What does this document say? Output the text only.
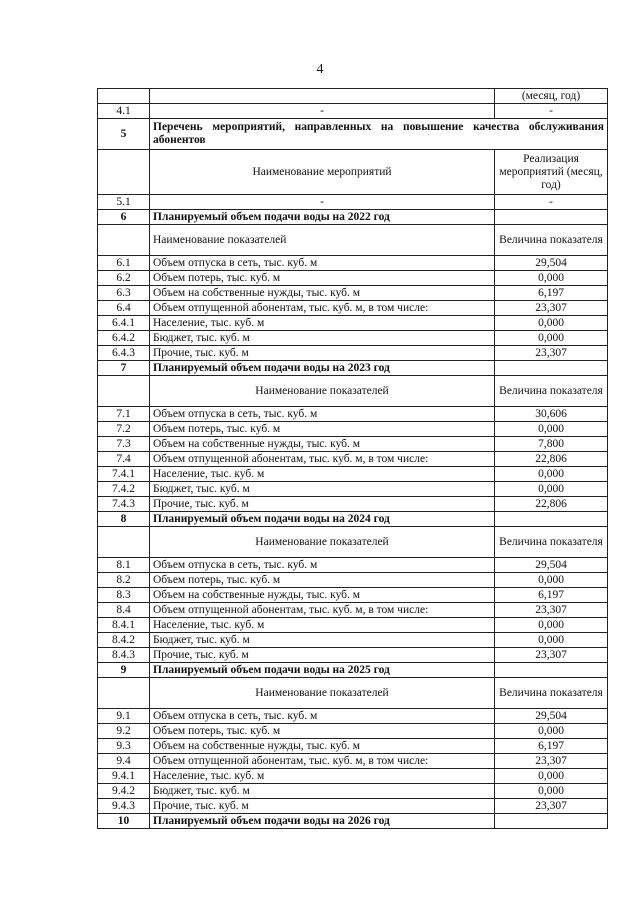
4
		(месяц, год)
4.1	-	-
5	Перечень мероприятий, направленных на повышение качества обслуживания абонентов	
	Наименование мероприятий	Реализация мероприятий (месяц, год)
5.1	-	-
6	Планируемый объем подачи воды на 2022 год	
	Наименование показателей	Величина показателя
6.1	Объем отпуска в сеть, тыс. куб. м	29,504
6.2	Объем потерь, тыс. куб. м	0,000
6.3	Объем на собственные нужды, тыс. куб. м	6,197
6.4	Объем отпущенной абонентам, тыс. куб. м, в том числе:	23,307
6.4.1	Население, тыс. куб. м	0,000
6.4.2	Бюджет, тыс. куб. м	0,000
6.4.3	Прочие, тыс. куб. м	23,307
7	Планируемый объем подачи воды на 2023 год	
	Наименование показателей	Величина показателя
7.1	Объем отпуска в сеть, тыс. куб. м	30,606
7.2	Объем потерь, тыс. куб. м	0,000
7.3	Объем на собственные нужды, тыс. куб. м	7,800
7.4	Объем отпущенной абонентам, тыс. куб. м, в том числе:	22,806
7.4.1	Население, тыс. куб. м	0,000
7.4.2	Бюджет, тыс. куб. м	0,000
7.4.3	Прочие, тыс. куб. м	22,806
8	Планируемый объем подачи воды на 2024 год	
	Наименование показателей	Величина показателя
8.1	Объем отпуска в сеть, тыс. куб. м	29,504
8.2	Объем потерь, тыс. куб. м	0,000
8.3	Объем на собственные нужды, тыс. куб. м	6,197
8.4	Объем отпущенной абонентам, тыс. куб. м, в том числе:	23,307
8.4.1	Население, тыс. куб. м	0,000
8.4.2	Бюджет, тыс. куб. м	0,000
8.4.3	Прочие, тыс. куб. м	23,307
9	Планируемый объем подачи воды на 2025 год	
	Наименование показателей	Величина показателя
9.1	Объем отпуска в сеть, тыс. куб. м	29,504
9.2	Объем потерь, тыс. куб. м	0,000
9.3	Объем на собственные нужды, тыс. куб. м	6,197
9.4	Объем отпущенной абонентам, тыс. куб. м, в том числе:	23,307
9.4.1	Население, тыс. куб. м	0,000
9.4.2	Бюджет, тыс. куб. м	0,000
9.4.3	Прочие, тыс. куб. м	23,307
10	Планируемый объем подачи воды на 2026 год	
